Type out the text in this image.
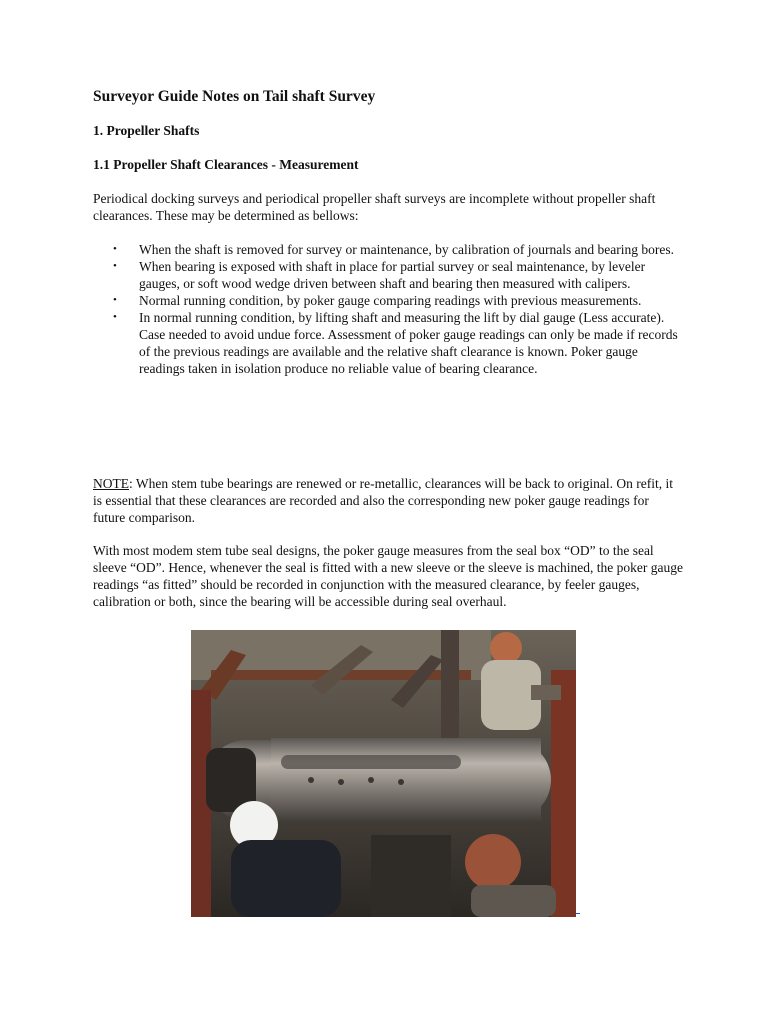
Surveyor Guide Notes on Tail shaft Survey
1. Propeller Shafts
1.1 Propeller Shaft Clearances - Measurement

Periodical docking surveys and periodical propeller shaft surveys are incomplete without propeller shaft clearances. These may be determined as bellows:

• When the shaft is removed for survey or maintenance, by calibration of journals and bearing bores.
• When bearing is exposed with shaft in place for partial survey or seal maintenance, by leveler gauges, or soft wood wedge driven between shaft and bearing then measured with calipers.
• Normal running condition, by poker gauge comparing readings with previous measurements.
• In normal running condition, by lifting shaft and measuring the lift by dial gauge (Less accurate). Case needed to avoid undue force. Assessment of poker gauge readings can only be made if records of the previous readings are available and the relative shaft clearance is known. Poker gauge readings taken in isolation produce no reliable value of bearing clearance.

NOTE: When stem tube bearings are renewed or re-metallic, clearances will be back to original. On refit, it is essential that these clearances are recorded and also the corresponding new poker gauge readings for future comparison.

With most modem stem tube seal designs, the poker gauge measures from the seal box “OD” to the seal sleeve “OD”. Hence, whenever the seal is fitted with a new sleeve or the sleeve is machined, the poker gauge readings “as fitted” should be recorded in conjunction with the measured clearance, by feeler gauges, calibration or both, since the bearing will be accessible during seal overhaul.
